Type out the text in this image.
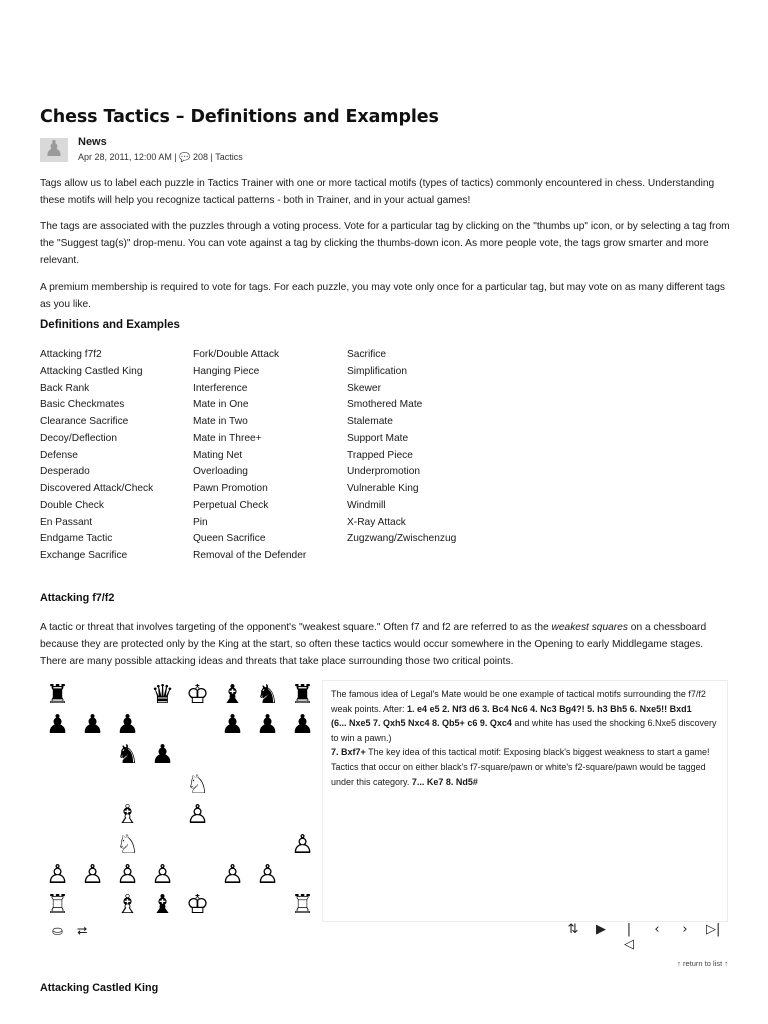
Chess Tactics – Definitions and Examples
♟ News
Apr 28, 2011, 12:00 AM | 💬 208 | Tactics

Tags allow us to label each puzzle in Tactics Trainer with one or more tactical motifs (types of tactics) commonly encountered in chess. Understanding these motifs will help you recognize tactical patterns - both in Trainer, and in your actual games!

The tags are associated with the puzzles through a voting process. Vote for a particular tag by clicking on the "thumbs up" icon, or by selecting a tag from the "Suggest tag(s)" drop-menu. You can vote against a tag by clicking the thumbs-down icon. As more people vote, the tags grow smarter and more relevant.

A premium membership is required to vote for tags. For each puzzle, you may vote only once for a particular tag, but may vote on as many different tags as you like.

Definitions and Examples
Attacking f7f2
Attacking Castled King
Back Rank
Basic Checkmates
Clearance Sacrifice
Decoy/Deflection
Defense
Desperado
Discovered Attack/Check
Double Check
En Passant
Endgame Tactic
Exchange Sacrifice
Fork/Double Attack
Hanging Piece
Interference
Mate in One
Mate in Two
Mate in Three+
Mating Net
Overloading
Pawn Promotion
Perpetual Check
Pin
Queen Sacrifice
Removal of the Defender
Sacrifice
Simplification
Skewer
Smothered Mate
Stalemate
Support Mate
Trapped Piece
Underpromotion
Vulnerable King
Windmill
X-Ray Attack
Zugzwang/Zwischenzug
Attacking f7/f2

A tactic or threat that involves targeting of the opponent's "weakest square." Often f7 and f2 are referred to as the weakest squares on a chessboard because they are protected only by the King at the start, so often these tactics would occur somewhere in the Opening to early Middlegame stages. There are many possible attacking ideas and threats that take place surrounding those two critical points.

♜	♛ ♔ ♝ ♞ ♜
♟ ♟ ♟	♟ ♟ ♟
♞ ♟
♘
♗ ♙
♘	♙
♙ ♙ ♙ ♙ ♙ ♙
♖ ♗ ♝ ♔	♖

The famous idea of Legal's Mate would be one example of tactical motifs surrounding the f7/f2 weak points. After: 1. e4 e5 2. Nf3 d6 3. Bc4 Nc6 4. Nc3 Bg4?! 5. h3 Bh5 6. Nxe5!! Bxd1

(6... Nxe5 7. Qxh5 Nxc4 8. Qb5+ c6 9. Qxc4 and white has used the shocking 6.Nxe5 discovery to win a pawn.)

7. Bxf7+ The key idea of this tactical motif: Exposing black's biggest weakness to start a game! Tactics that occur on either black's f7-square/pawn or white's f2-square/pawn would be tagged under this category. 7... Ke7 8. Nd5#

⛀ ⮂	⇅ ▶	|◁
‹	›	▷|
↑ return to list ↑
Attacking Castled King
